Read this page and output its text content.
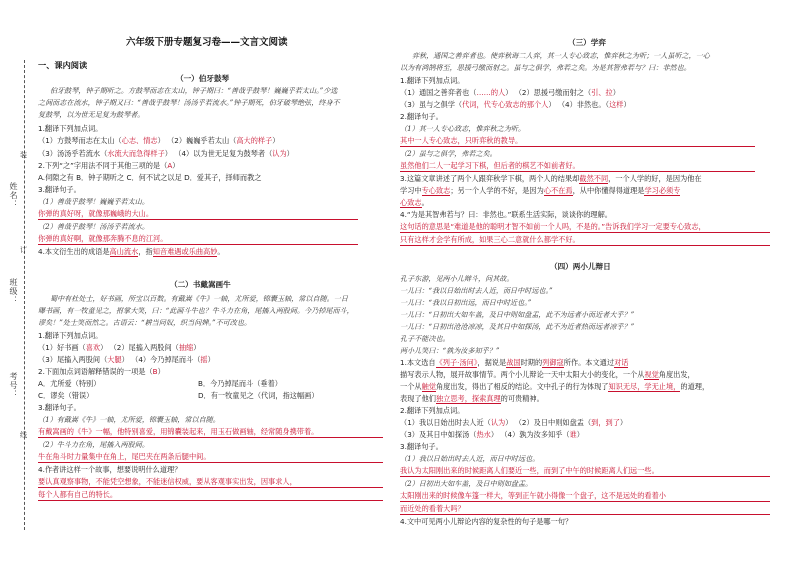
姓名：
班级：
考号：
装
订
线
六年级下册专题复习卷——文言文阅读
一、课内阅读
（一）伯牙鼓琴
伯牙鼓琴，钟子期听之。方鼓琴而志在太山，钟子期曰：“善哉乎鼓琴！巍巍乎若太山。”少选
之间而志在流水，钟子期又曰：“善哉乎鼓琴！汤汤乎若流水。”钟子期死，伯牙破琴绝弦，终身不
复鼓琴，以为世无足复为鼓琴者。
1.翻译下列加点词。
（1）方鼓琴而志在太山（心志、情志） （2）巍巍乎若太山（高大的样子）
（3）汤汤乎若流水（水流大而急得样子） （4）以为世无足复为鼓琴者（认为）
2.下列“之”字用法不同于其他三项的是（A）
A.伺隙之有 B．钟子期听之 C．何不试之以足 D．爱其子，择师而教之
3.翻译句子。
（1）善哉乎鼓琴！巍巍乎若太山。
你弹的真好呀，就像那巍峨的大山。
（2）善哉乎鼓琴！汤汤乎若流水。
你弹的真好啊，就像那奔腾不息的江河。
4.本文衍生出的成语是高山流水，指知音难遇或乐曲高妙。
（二）书戴嵩画牛
蜀中有杜处士，好书画，所宝以百数。有戴嵩《牛》一轴，尤所爱，锦囊玉轴，常以自随。一日
曝书画，有一牧童见之，拊掌大笑，曰：“此画斗牛也？牛斗力在角，尾搐入两股间。今乃掉尾而斗，
谬矣！”处士笑而然之。古语云：“耕当问奴，织当问婢。”不可改也。
1.翻译下列加点词。
（1）好书画（喜欢） （2）尾搐入两股间（抽缩）
（3）尾搐入两股间（大腿） （4）今乃掉尾而斗（摇）
2.下面加点词语解释错误的一项是（B）
A．尤所爱（特别）	B．今乃掉尾而斗（垂着）
C．谬矣（错误）	D．有一牧童见之（代词，指这幅画）
3.翻译句子。
（1）有戴嵩《牛》一轴，尤所爱，锦囊玉轴，常以自随。
有戴嵩画的《牛》一幅，他特别喜爱，用锦囊装起来，用玉石做画轴，经常随身携带着。
（2）牛斗力在角，尾搐入两股间。
牛在角斗时力量集中在角上，尾巴夹在两条后腿中间。
4.作者讲这样一个故事，想要说明什么道理？
要认真观察事物，不能凭空想象，不能迷信权威，要从客观事实出发，因事求人，
每个人都有自己的特长。
（三）学弈
弈秋，通国之善弈者也。使弈秋诲二人弈，其一人专心致志，惟弈秋之为听；一人虽听之，一心
以为有鸿鹄将至，思援弓缴而射之。虽与之俱学，弗若之矣。为是其智弗若与？曰：非然也。
1.翻译下列加点词。
（1）通国之善弈者也（……的人） （2）思援弓缴而射之（引、拉）
（3）虽与之俱学（代词，代专心致志的那个人） （4）非然也。（这样）
2.翻译句子。
（1）其一人专心致志，惟弈秋之为听。
其中一人专心致志，只听弈秋的教导。
（2）虽与之俱学，弗若之矣。
虽然他们二人一起学习下棋，但后者的棋艺不如前者好。
3.这篇文章讲述了两个人跟弈秋学下棋，两个人的结果却截然不同，一个人学的好，是因为他在
学习中专心致志；另一个人学的不好，是因为心不在焉，从中你懂得得道理是学习必须专
心致志。
4.“为是其智弗若与？曰：非然也。”联系生活实际，谈谈你的理解。
这句话的意思是“难道是他的聪明才智不如前一个人吗，不是的。”告诉我们学习一定要专心致志，
只有这样才会学有所成，如果三心二意就什么都学不好。
（四）两小儿辩日
孔子东游，见两小儿辩斗，问其故。
一儿曰：“我以日始出时去人近，而日中时远也。”
一儿曰：“我以日初出远，而日中时近也。”
一儿曰：“日初出大如车盖，及日中则如盘盂，此不为远者小而近者大乎？”
一儿曰：“日初出沧沧凉凉，及其日中如探汤，此不为近者热而远者凉乎？”
孔子不能决也。
两小儿笑曰：“孰为汝多知乎？”
1.本文选自《列子·汤问》，据说是战国时期的列御寇所作。本文通过对话
描写表示人物，展开故事情节。两个小儿辩论一天中太阳大小的变化，一个从视觉角度出发，
一个从触觉角度出发，得出了相反的结论。文中孔子的行为体现了知识无尽，学无止境，的道理，
表现了他们独立思考，探索真理的可贵精神。
2.翻译下列加点词。
（1）我以日始出时去人近（认为） （2）及日中则如盘盂（到，到了）
（3）及其日中如探汤（热水） （4）孰为汝多知乎（谁）
3.翻译句子。
（1）我以日始出时去人近，而日中时远也。
我认为太阳刚出来的时候距离人们要近一些，而到了中午的时候距离人们远一些。
（2）日初出大如车盖，及日中则如盘盂。
太阳刚出来的时候像车篷一样大，等到正午就小得像一个盘子，这不是远处的看着小
而近处的看着大吗？
4.文中可见两小儿辩论内容的复杂性的句子是哪一句？
